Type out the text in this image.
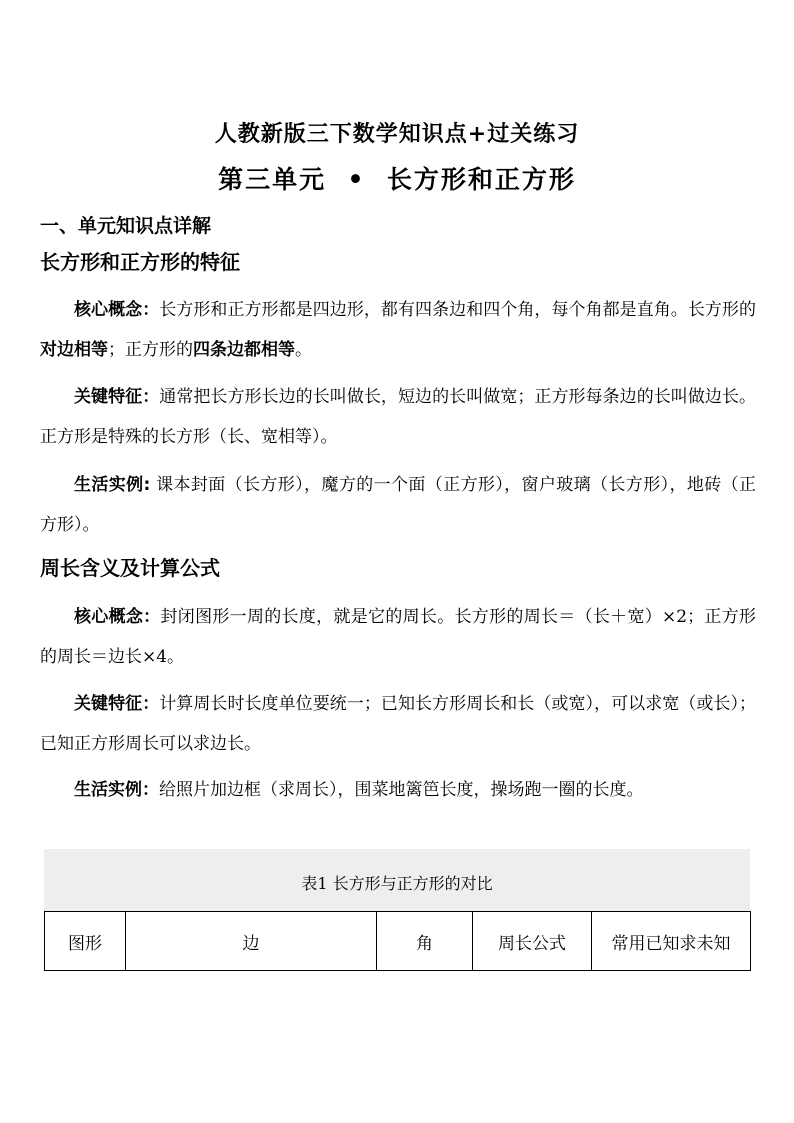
人教新版三下数学知识点+过关练习
第三单元  •  长方形和正方形
一、单元知识点详解
长方形和正方形的特征
核心概念：长方形和正方形都是四边形，都有四条边和四个角，每个角都是直角。长方形的对边相等；正方形的四条边都相等。
关键特征：通常把长方形长边的长叫做长，短边的长叫做宽；正方形每条边的长叫做边长。正方形是特殊的长方形（长、宽相等）。
生活实例: 课本封面（长方形），魔方的一个面（正方形），窗户玻璃（长方形），地砖（正方形）。
周长含义及计算公式
核心概念：封闭图形一周的长度，就是它的周长。长方形的周长＝（长＋宽）×2；正方形的周长＝边长×4。
关键特征：计算周长时长度单位要统一；已知长方形周长和长（或宽），可以求宽（或长）；已知正方形周长可以求边长。
生活实例：给照片加边框（求周长），围菜地篱笆长度，操场跑一圈的长度。
表1 长方形与正方形的对比
图形	边	角	周长公式	常用已知求未知
